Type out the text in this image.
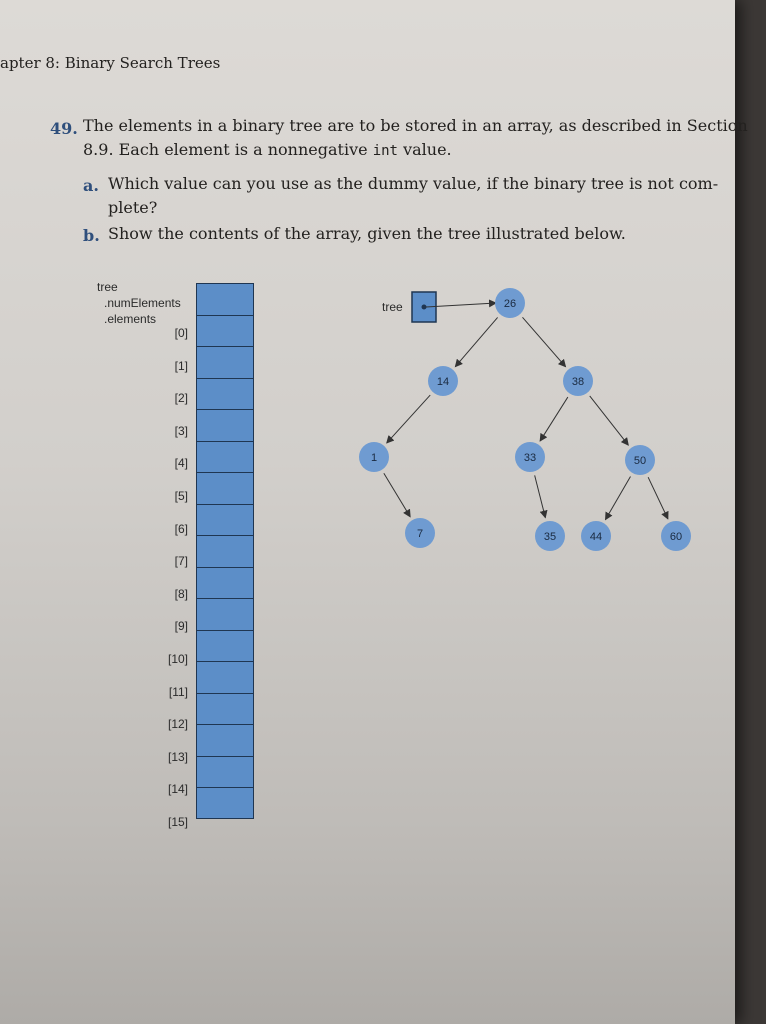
apter 8: Binary Search Trees
49. The elements in a binary tree are to be stored in an array, as described in Section
8.9. Each element is a nonnegative int value.
a. Which value can you use as the dummy value, if the binary tree is not com-
plete?
b. Show the contents of the array, given the tree illustrated below.
tree
.numElements
.elements
[0]
[1]
[2]
[3]
[4]
[5]
[6]
[7]
[8]
[9]
[10]
[11]
[12]
[13]
[14]
[15]
tree	26
14	38
1	33	50
7	35	44	60
